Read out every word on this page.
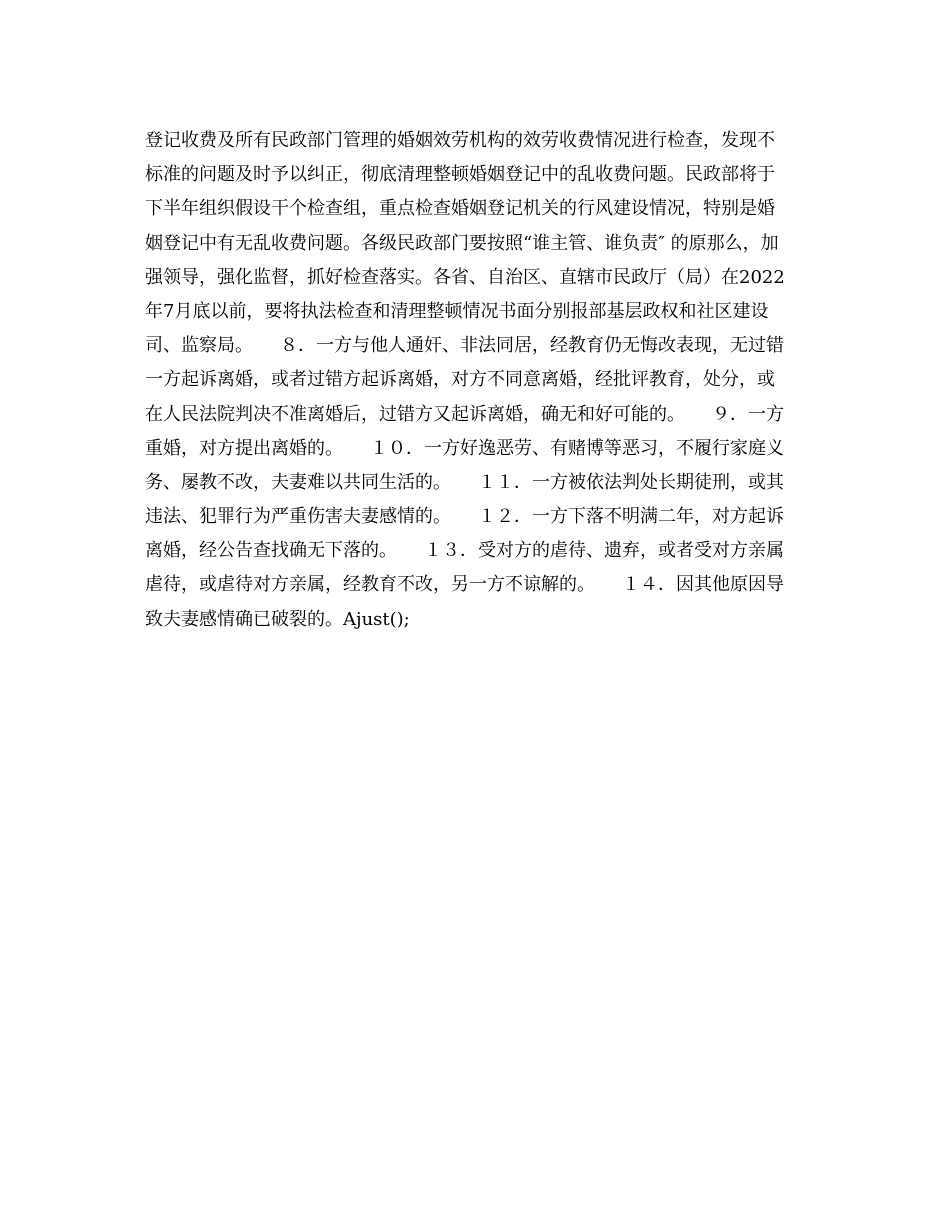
登记收费及所有民政部门管理的婚姻效劳机构的效劳收费情况进行检查，发现不
标准的问题及时予以纠正，彻底清理整顿婚姻登记中的乱收费问题。民政部将于
下半年组织假设干个检查组，重点检查婚姻登记机关的行风建设情况，特别是婚
姻登记中有无乱收费问题。各级民政部门要按照“谁主管、谁负责″ 的原那么，加
强领导，强化监督，抓好检查落实。各省、自治区、直辖市民政厅（局）在2022
年7月底以前，要将执法检查和清理整顿情况书面分别报部基层政权和社区建设
司、监察局。　　８．一方与他人通奸、非法同居，经教育仍无悔改表现，无过错
一方起诉离婚，或者过错方起诉离婚，对方不同意离婚，经批评教育，处分，或
在人民法院判决不准离婚后，过错方又起诉离婚，确无和好可能的。　　９．一方
重婚，对方提出离婚的。　　１０．一方好逸恶劳、有赌博等恶习，不履行家庭义
务、屡教不改，夫妻难以共同生活的。　　１１．一方被依法判处长期徒刑，或其
违法、犯罪行为严重伤害夫妻感情的。　　１２．一方下落不明满二年，对方起诉
离婚，经公告查找确无下落的。　　１３．受对方的虐待、遗弃，或者受对方亲属
虐待，或虐待对方亲属，经教育不改，另一方不谅解的。　　１４．因其他原因导
致夫妻感情确已破裂的。Ajust();
